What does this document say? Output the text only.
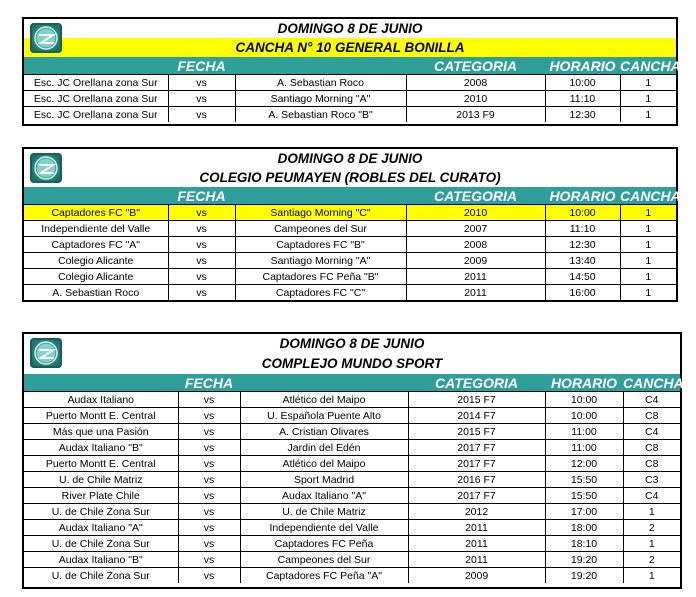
DOMINGO 8 DE JUNIO
CANCHA N° 10 GENERAL BONILLA
	FECHA		CATEGORIA	HORARIO	CANCHA
Esc. JC Orellana zona Sur	vs	A. Sebastian Roco	2008	10:00	1
Esc. JC Orellana zona Sur	vs	Santiago Morning "A"	2010	11:10	1
Esc. JC Orellana zona Sur	vs	A. Sebastian Roco "B"	2013 F9	12:30	1
DOMINGO 8 DE JUNIO
COLEGIO PEUMAYEN (ROBLES DEL CURATO)
	FECHA		CATEGORIA	HORARIO	CANCHA
Captadores FC "B"	vs	Santiago Morning "C"	2010	10:00	1
Independiente del Valle	vs	Campeones del Sur	2007	11:10	1
Captadores FC "A"	vs	Captadores FC "B"	2008	12:30	1
Colegio Alicante	vs	Santiago Morning "A"	2009	13:40	1
Colegio Alicante	vs	Captadores FC Peña "B"	2011	14:50	1
A. Sebastian Roco	vs	Captadores FC "C"	2011	16:00	1
DOMINGO 8 DE JUNIO
COMPLEJO MUNDO SPORT
	FECHA		CATEGORIA	HORARIO	CANCHA
Audax Italiano	vs	Atlético del Maipo	2015 F7	10:00	C4
Puerto Montt E. Central	vs	U. Española Puente Alto	2014 F7	10:00	C8
Más que una Pasión	vs	A. Cristian Olivares	2015 F7	11:00	C4
Audax Italiano "B"	vs	Jardin del Edén	2017 F7	11:00	C8
Puerto Montt E. Central	vs	Atlético del Maipo	2017 F7	12:00	C8
U. de Chile Matriz	vs	Sport Madrid	2016 F7	15:50	C3
River Plate Chile	vs	Audax Italiano "A"	2017 F7	15:50	C4
U. de Chile Zona Sur	vs	U. de Chile Matriz	2012	17:00	1
Audax Italiano "A"	vs	Independiente del Valle	2011	18:00	2
U. de Chile Zona Sur	vs	Captadores FC Peña	2011	18:10	1
Audax Italiano "B"	vs	Campeones del Sur	2011	19:20	2
U. de Chile Zona Sur	vs	Captadores FC Peña "A"	2009	19:20	1
